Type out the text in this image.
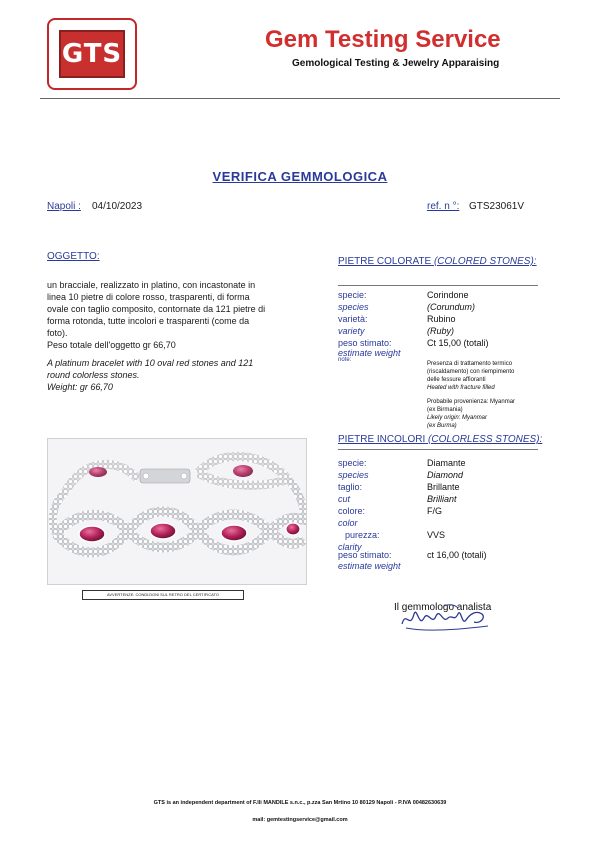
GTS	Gem Testing Service
Gemological Testing & Jewelry Apparaising
VERIFICA GEMMOLOGICA
Napoli : 04/10/2023	ref. n °: GTS23061V
OGGETTO:

un bracciale, realizzato in platino, con incastonate in

linea 10 pietre di colore rosso, trasparenti, di forma

ovale con taglio composito, contornate da 121 pietre di

forma rotonda, tutte incolori e trasparenti (come da

foto).

Peso totale dell'oggetto gr 66,70

A platinum bracelet with 10 oval red stones and 121

round colorless stones.

Weight: gr 66,70

PIETRE COLORATE (COLORED STONES):
specie:
species
varietà:
variety
peso stimato:
estimate weight
note:
Corindone
(Corundum)
Rubino
(Ruby)
Ct 15,00 (totali)

Presenza di trattamento termico

(riscaldamento) con riempimento

delle fessure affioranti

Heated with fracture filled

Probabile provenienza: Myanmar

(ex Birmania)

Likely origin: Myanmar

(ex Burma)

AVVERTENZE: CONDIZIONI SUL RETRO DEL CERTIFICATO
PIETRE INCOLORI (COLORLESS STONES):
specie:
species
taglio:
cut
colore:
color
purezza:
clarity
peso stimato:
estimate weight
Diamante
Diamond
Brillante
Brilliant
F/G
VVS
ct 16,00 (totali)
Il gemmologo analista
GTS is an independent department of F.lli MANDILE s.n.c., p.zza San Mrtino 10 80129 Napoli - P.IVA 00482630639
mail: gemtestingservice@gmail.com
